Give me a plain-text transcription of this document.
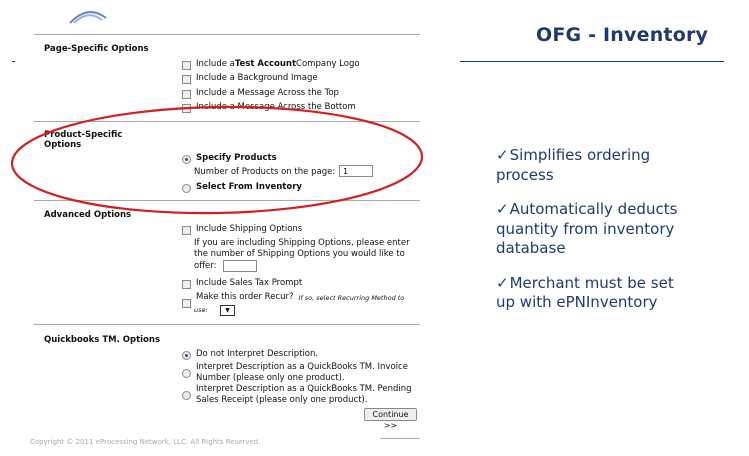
OFG - Inventory
Page-Specific Options
Include a Test Account Company Logo
Include a Background Image
Include a Message Across the Top
Include a Message Across the Bottom
Product-Specific
Options
Specify Products
Number of Products on the page: 1
Select From Inventory
Advanced Options
Include Shipping Options
If you are including Shipping Options, please enter
the number of Shipping Options you would like to
offer:
Include Sales Tax Prompt
Make this order Recur? If so, select Recurring Method to
use:	▼
Quickbooks TM. Options
Do not Interpret Description.
Interpret Description as a QuickBooks TM. Invoice
Number (please only one product).
Interpret Description as a QuickBooks TM. Pending
Sales Receipt (please only one product).
Continue >>
Copyright © 2011 eProcessing Network, LLC. All Rights Reserved.
✓Simplifies ordering process
✓Automatically deducts quantity from inventory database
✓Merchant must be set up with ePNInventory
